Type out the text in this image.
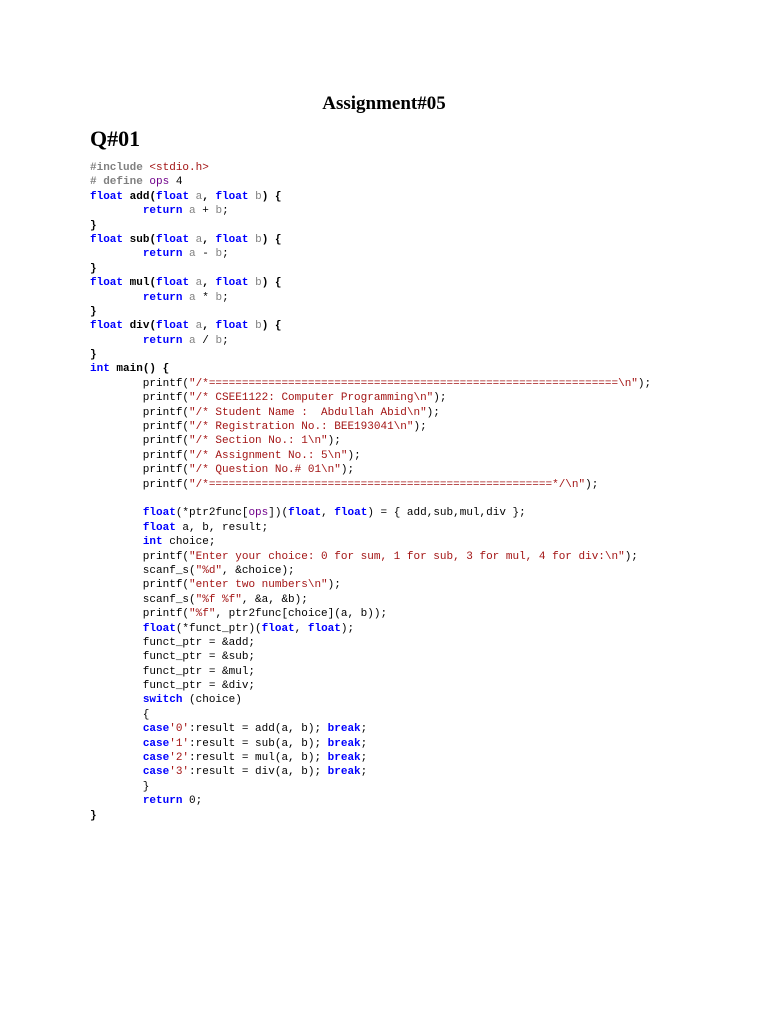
Assignment#05
Q#01
#include <stdio.h>
# define ops 4
float add(float a, float b) {
return a + b;
}
float sub(float a, float b) {
return a - b;
}
float mul(float a, float b) {
return a * b;
}
float div(float a, float b) {
return a / b;
}
int main() {
printf("/*==============================================================\n");
printf("/* CSEE1122: Computer Programming\n");
printf("/* Student Name :  Abdullah Abid\n");
printf("/* Registration No.: BEE193041\n");
printf("/* Section No.: 1\n");
printf("/* Assignment No.: 5\n");
printf("/* Question No.# 01\n");
printf("/*====================================================*/\n");
float(*ptr2func[ops])(float, float) = { add,sub,mul,div };
float a, b, result;
int choice;
printf("Enter your choice: 0 for sum, 1 for sub, 3 for mul, 4 for div:\n");
scanf_s("%d", &choice);
printf("enter two numbers\n");
scanf_s("%f %f", &a, &b);
printf("%f", ptr2func[choice](a, b));
float(*funct_ptr)(float, float);
funct_ptr = &add;
funct_ptr = &sub;
funct_ptr = &mul;
funct_ptr = &div;
switch (choice)
{
case'0':result = add(a, b); break;
case'1':result = sub(a, b); break;
case'2':result = mul(a, b); break;
case'3':result = div(a, b); break;
}
return 0;
}
